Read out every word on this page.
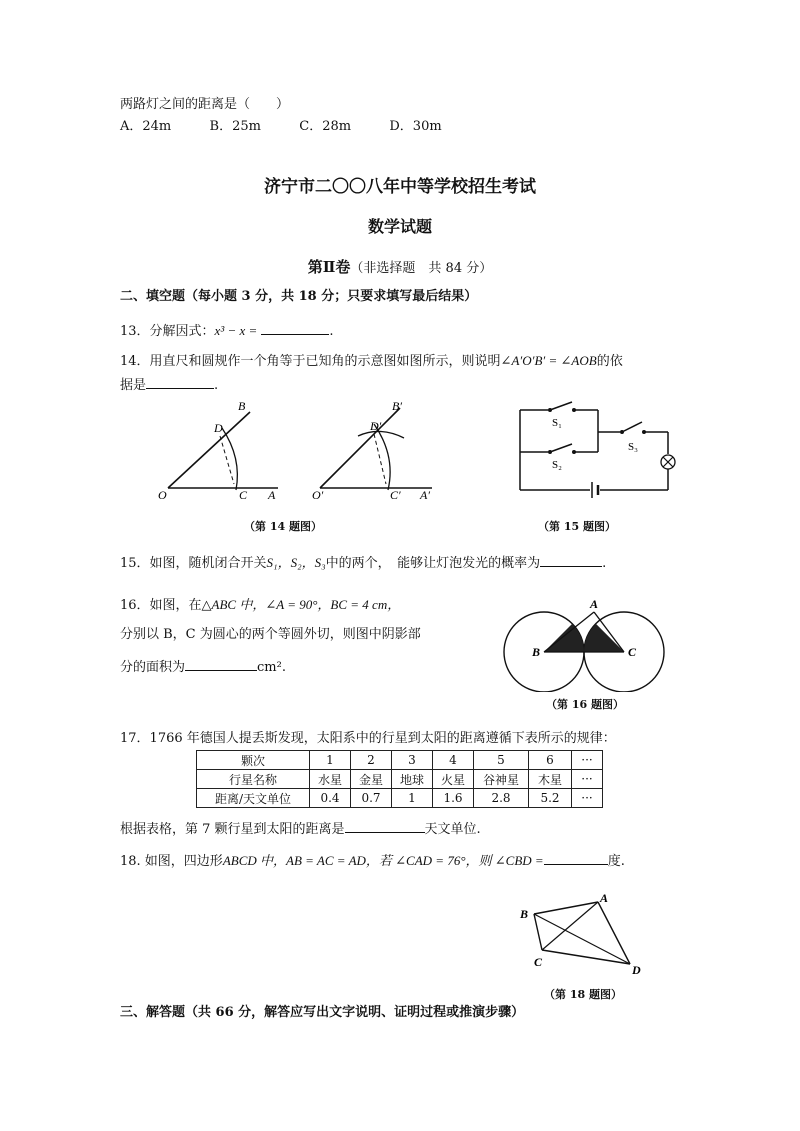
两路灯之间的距离是（　　）
A．24m	B．25m	C．28m	D．30m
济宁市二〇〇八年中等学校招生考试
数学试题
第Ⅱ卷（非选择题　共 84 分）
二、填空题（每小题 3 分，共 18 分；只要求填写最后结果）
13．分解因式：x³ − x =	.
14．用直尺和圆规作一个角等于已知角的示意图如图所示，则说明∠A′O′B′ = ∠AOB的依
据是	.
O	C A
B
D
O′	C′ A′
B′
D′
（第 14 题图）
S₁
S₂
S₃
（第 15 题图）
15．如图，随机闭合开关S₁，S₂，S₃中的两个，　能够让灯泡发光的概率为	.
16．如图，在△ABC 中，∠A = 90°，BC = 4 cm，
分别以 B，C 为圆心的两个等圆外切，则图中阴影部
分的面积为	cm².
A
B	C
（第 16 题图）
17．1766 年德国人提丢斯发现，太阳系中的行星到太阳的距离遵循下表所示的规律：
颗次	1	2	3	4	5	6	···
行星名称	水星	金星	地球	火星	谷神星	木星	···
距离/天文单位	0.4	0.7	1	1.6	2.8	5.2	···
根据表格，第 7 颗行星到太阳的距离是	天文单位.
18. 如图，四边形ABCD 中，AB = AC = AD，若 ∠CAD = 76°，则 ∠CBD =	度.
A
B
C
D
（第 18 题图）
三、解答题（共 66 分，解答应写出文字说明、证明过程或推演步骤）
